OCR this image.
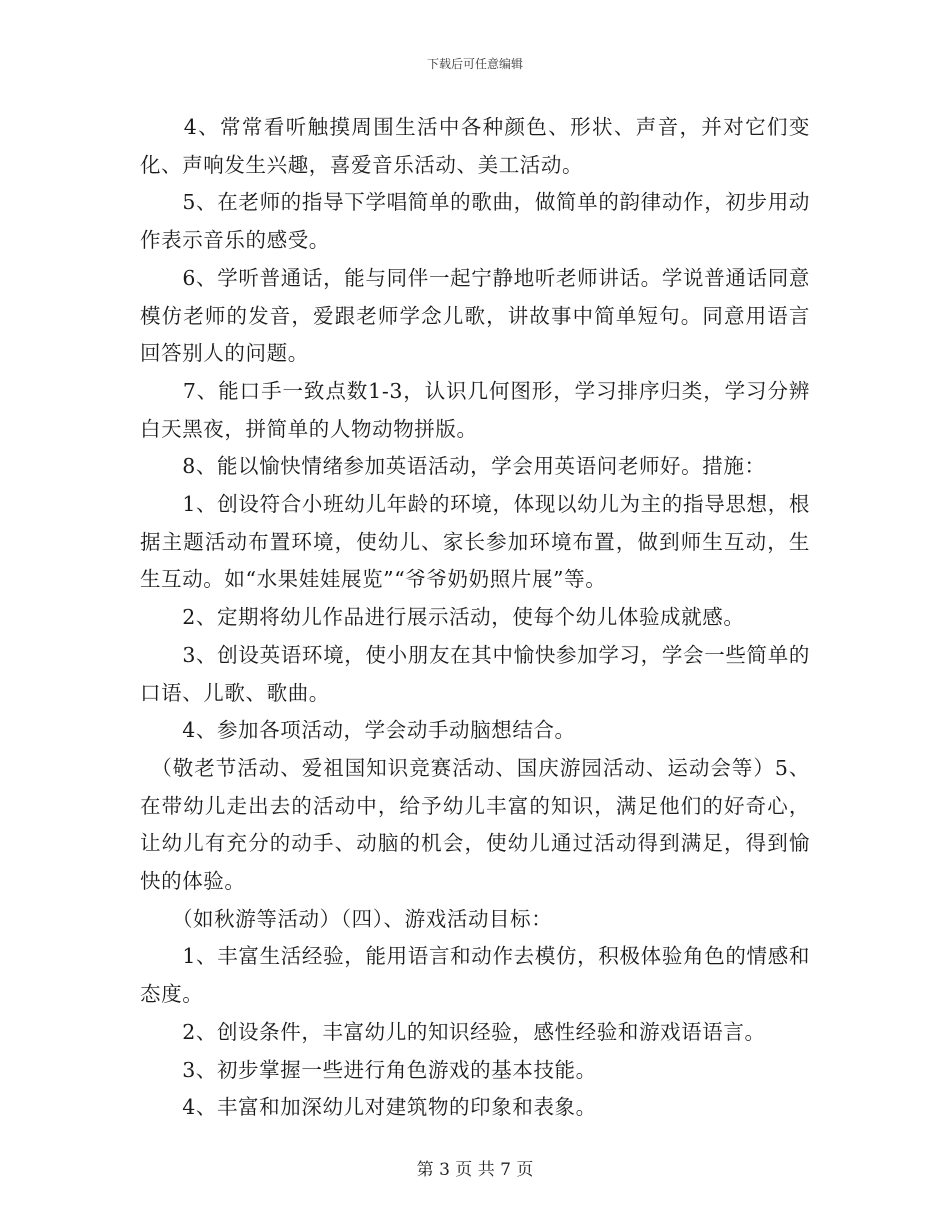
下载后可任意编辑

　　4、常常看听触摸周围生活中各种颜色、形状、声音，并对它们变化、声响发生兴趣，喜爱音乐活动、美工活动。

　　5、在老师的指导下学唱简单的歌曲，做简单的韵律动作，初步用动作表示音乐的感受。

　　6、学听普通话，能与同伴一起宁静地听老师讲话。学说普通话同意模仿老师的发音，爱跟老师学念儿歌，讲故事中简单短句。同意用语言回答别人的问题。

　　7、能口手一致点数1-3，认识几何图形，学习排序归类，学习分辨白天黑夜，拼简单的人物动物拼版。

　　8、能以愉快情绪参加英语活动，学会用英语问老师好。措施：

　　1、创设符合小班幼儿年龄的环境，体现以幼儿为主的指导思想，根据主题活动布置环境，使幼儿、家长参加环境布置，做到师生互动，生生互动。如“水果娃娃展览”“爷爷奶奶照片展”等。

　　2、定期将幼儿作品进行展示活动，使每个幼儿体验成就感。

　　3、创设英语环境，使小朋友在其中愉快参加学习，学会一些简单的口语、儿歌、歌曲。

　　4、参加各项活动，学会动手动脑想结合。

　（敬老节活动、爱祖国知识竞赛活动、国庆游园活动、运动会等）5、在带幼儿走出去的活动中，给予幼儿丰富的知识，满足他们的好奇心，让幼儿有充分的动手、动脑的机会，使幼儿通过活动得到满足，得到愉快的体验。

　　（如秋游等活动）（四）、游戏活动目标：

　　1、丰富生活经验，能用语言和动作去模仿，积极体验角色的情感和态度。

　　2、创设条件，丰富幼儿的知识经验，感性经验和游戏语语言。

　　3、初步掌握一些进行角色游戏的基本技能。

　　4、丰富和加深幼儿对建筑物的印象和表象。

第 3 页 共 7 页
